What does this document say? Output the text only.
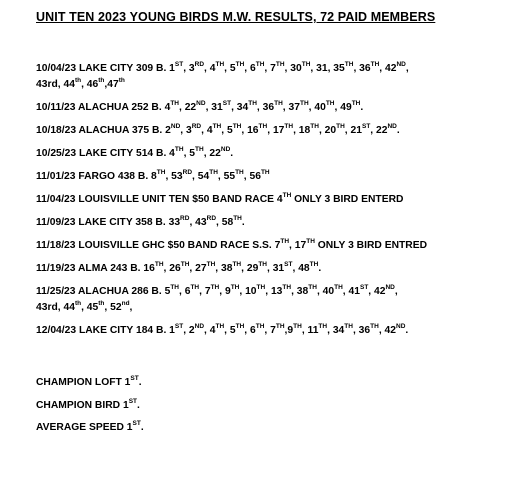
UNIT TEN 2023 YOUNG BIRDS M.W. RESULTS, 72 PAID MEMBERS
10/04/23 LAKE CITY 309 B. 1ST, 3RD, 4TH, 5TH, 6TH, 7TH, 30TH, 31, 35TH, 36TH, 42ND,
43rd, 44th, 46th,47th
10/11/23 ALACHUA 252 B. 4TH, 22ND, 31ST, 34TH, 36TH, 37TH, 40TH, 49TH.
10/18/23 ALACHUA 375 B. 2ND, 3RD, 4TH, 5TH, 16TH, 17TH, 18TH, 20TH, 21ST, 22ND.
10/25/23 LAKE CITY 514 B. 4TH, 5TH, 22ND.
11/01/23 FARGO 438 B. 8TH, 53RD, 54TH, 55TH, 56TH
11/04/23 LOUISVILLE UNIT TEN $50 BAND RACE 4TH ONLY 3 BIRD ENTERD
11/09/23 LAKE CITY 358 B. 33RD, 43RD, 58TH.
11/18/23 LOUISVILLE GHC $50 BAND RACE S.S. 7TH, 17TH ONLY 3 BIRD ENTRED
11/19/23 ALMA 243 B. 16TH, 26TH, 27TH, 38TH, 29TH, 31ST, 48TH.
11/25/23 ALACHUA 286 B. 5TH, 6TH, 7TH, 9TH, 10TH, 13TH, 38TH, 40TH, 41ST, 42ND,
43rd, 44th, 45th, 52nd,
12/04/23 LAKE CITY 184 B. 1ST, 2ND, 4TH, 5TH, 6TH, 7TH,9TH, 11TH, 34TH, 36TH, 42ND.
CHAMPION LOFT 1ST.
CHAMPION BIRD 1ST.
AVERAGE SPEED 1ST.
